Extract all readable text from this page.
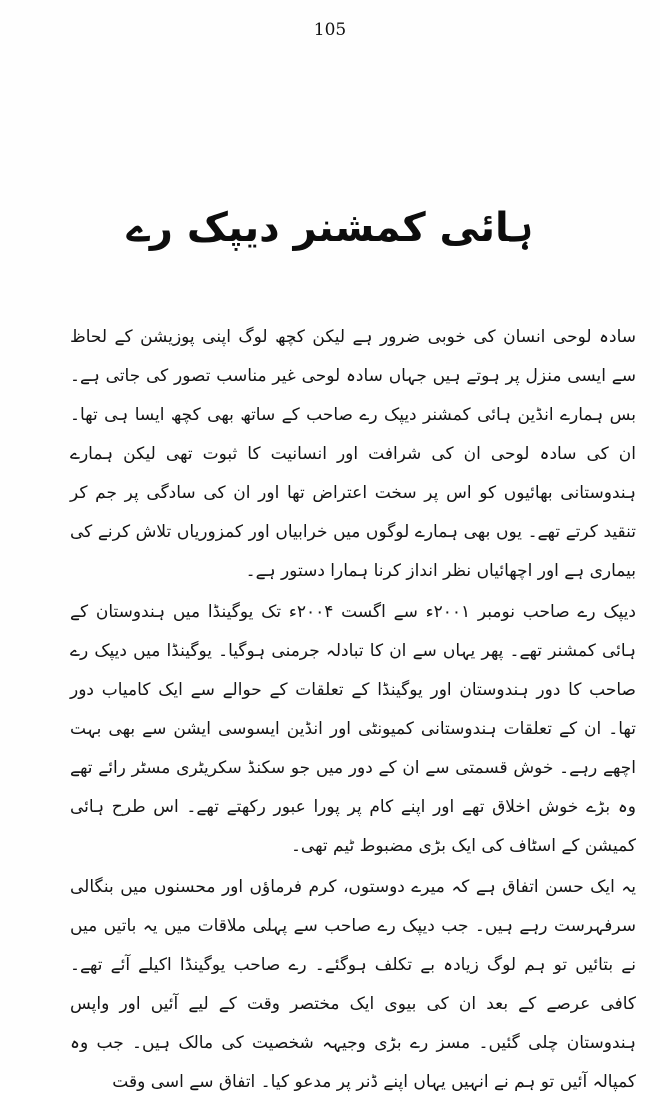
105
ہائی کمشنر دیپک رے

سادہ لوحی انسان کی خوبی ضرور ہے لیکن کچھ لوگ اپنی پوزیشن کے لحاظ سے ایسی منزل پر ہوتے ہیں جہاں سادہ لوحی غیر مناسب تصور کی جاتی ہے۔ بس ہمارے انڈین ہائی کمشنر دیپک رے صاحب کے ساتھ بھی کچھ ایسا ہی تھا۔ ان کی سادہ لوحی ان کی شرافت اور انسانیت کا ثبوت تھی لیکن ہمارے ہندوستانی بھائیوں کو اس پر سخت اعتراض تھا اور ان کی سادگی پر جم کر تنقید کرتے تھے۔ یوں بھی ہمارے لوگوں میں خرابیاں اور کمزوریاں تلاش کرنے کی بیماری ہے اور اچھائیاں نظر انداز کرنا ہمارا دستور ہے۔

دیپک رے صاحب نومبر ۲۰۰۱ء سے اگست ۲۰۰۴ء تک یوگینڈا میں ہندوستان کے ہائی کمشنر تھے۔ پھر یہاں سے ان کا تبادلہ جرمنی ہوگیا۔ یوگینڈا میں دیپک رے صاحب کا دور ہندوستان اور یوگینڈا کے تعلقات کے حوالے سے ایک کامیاب دور تھا۔ ان کے تعلقات ہندوستانی کمیونٹی اور انڈین ایسوسی ایشن سے بھی بہت اچھے رہے۔ خوش قسمتی سے ان کے دور میں جو سکنڈ سکریٹری مسٹر رائے تھے وہ بڑے خوش اخلاق تھے اور اپنے کام پر پورا عبور رکھتے تھے۔ اس طرح ہائی کمیشن کے اسٹاف کی ایک بڑی مضبوط ٹیم تھی۔

یہ ایک حسن اتفاق ہے کہ میرے دوستوں، کرم فرماؤں اور محسنوں میں بنگالی سرفہرست رہے ہیں۔ جب دیپک رے صاحب سے پہلی ملاقات میں یہ باتیں میں نے بتائیں تو ہم لوگ زیادہ بے تکلف ہوگئے۔ رے صاحب یوگینڈا اکیلے آئے تھے۔ کافی عرصے کے بعد ان کی بیوی ایک مختصر وقت کے لیے آئیں اور واپس ہندوستان چلی گئیں۔ مسز رے بڑی وجیہہ شخصیت کی مالک ہیں۔ جب وہ کمپالہ آئیں تو ہم نے انہیں یہاں اپنے ڈنر پر مدعو کیا۔ اتفاق سے اسی وقت
